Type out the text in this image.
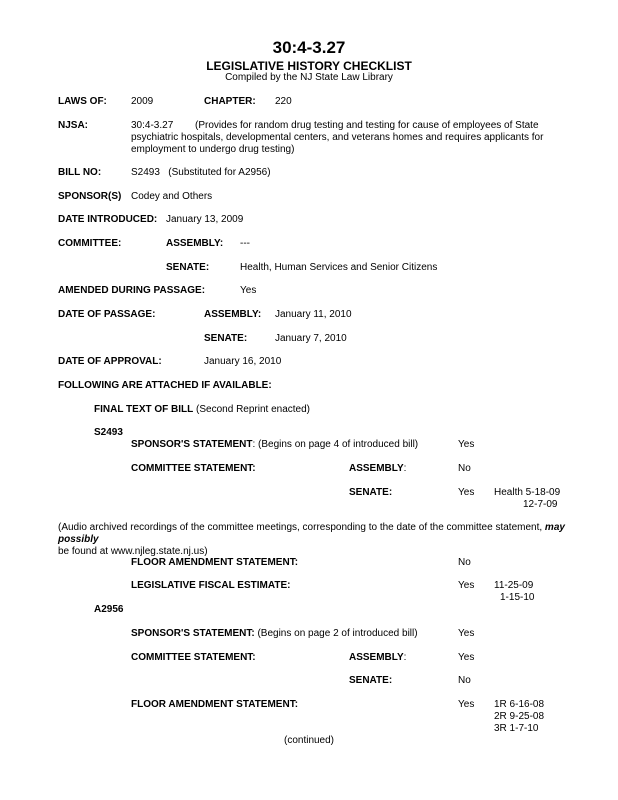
30:4-3.27
LEGISLATIVE HISTORY CHECKLIST
Compiled by the NJ State Law Library
LAWS OF: 2009	CHAPTER: 220
NJSA:	30:4-3.27	(Provides for random drug testing and testing for cause of employees of State psychiatric hospitals, developmental centers, and veterans homes and requires applicants for employment to undergo drug testing)
BILL NO:	S2493   (Substituted for A2956)
SPONSOR(S) Codey and Others
DATE INTRODUCED: January 13, 2009
COMMITTEE:	ASSEMBLY: ---
SENATE:	Health, Human Services and Senior Citizens
AMENDED DURING PASSAGE:	Yes
DATE OF PASSAGE:	ASSEMBLY: January 11, 2010
SENATE:	January 7, 2010
DATE OF APPROVAL:	January 16, 2010
FOLLOWING ARE ATTACHED IF AVAILABLE:
FINAL TEXT OF BILL (Second Reprint enacted)
S2493
SPONSOR'S STATEMENT: (Begins on page 4 of introduced bill)	Yes
COMMITTEE STATEMENT:	ASSEMBLY:	No
SENATE:	Yes Health 5-18-09
12-7-09
(Audio archived recordings of the committee meetings, corresponding to the date of the committee statement, may possibly
be found at www.njleg.state.nj.us)
FLOOR AMENDMENT STATEMENT:	No
LEGISLATIVE FISCAL ESTIMATE:	Yes 11-25-09
1-15-10
A2956
SPONSOR'S STATEMENT: (Begins on page 2 of introduced bill)	Yes
COMMITTEE STATEMENT:	ASSEMBLY:	Yes
SENATE:	No
FLOOR AMENDMENT STATEMENT:	Yes 1R 6-16-08
2R 9-25-08
3R 1-7-10
(continued)
